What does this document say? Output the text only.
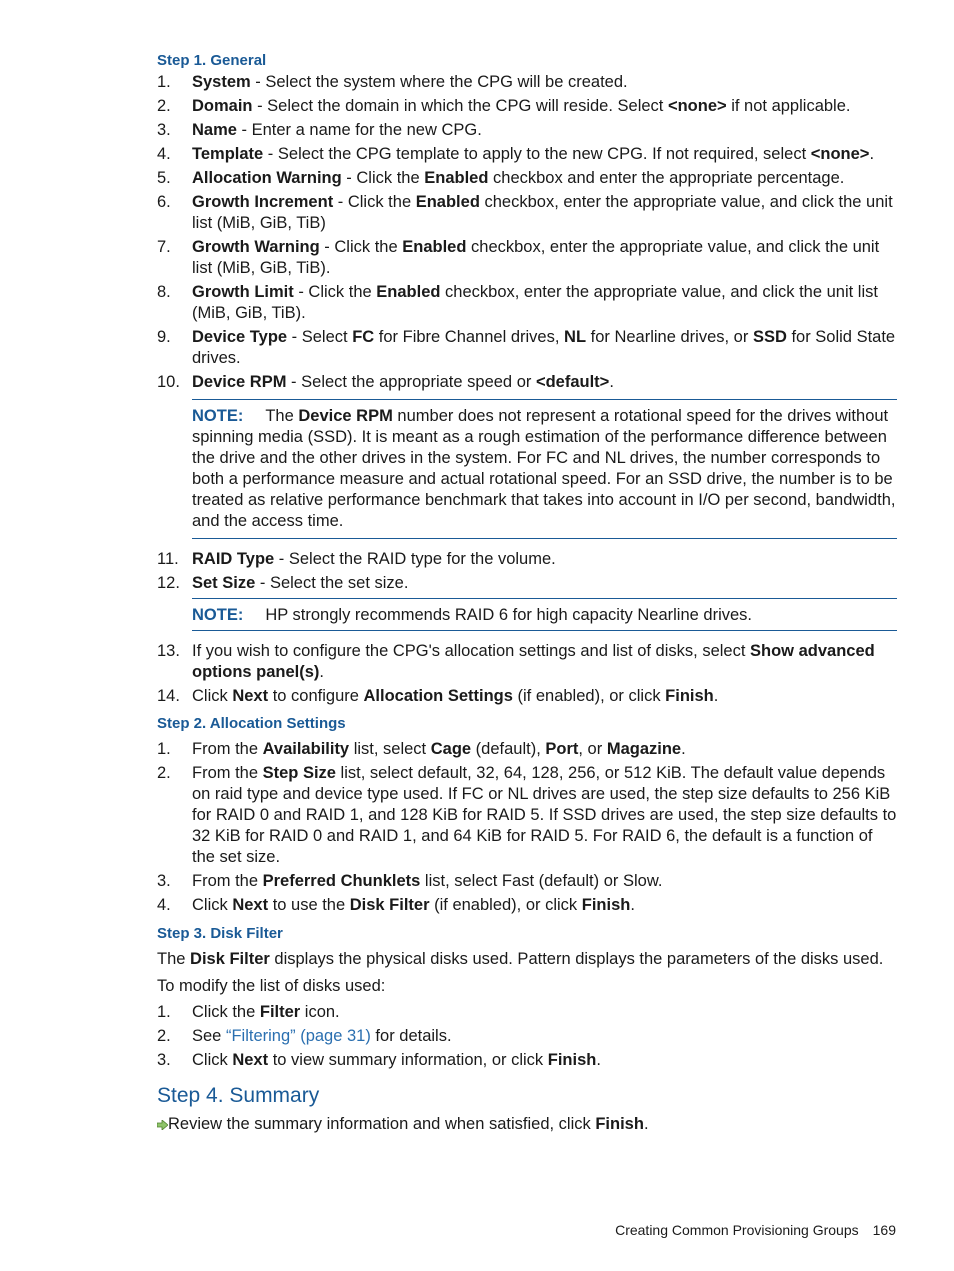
Step 1. General
1. System - Select the system where the CPG will be created.
2. Domain - Select the domain in which the CPG will reside. Select <none> if not applicable.
3. Name - Enter a name for the new CPG.
4. Template - Select the CPG template to apply to the new CPG. If not required, select <none>.
5. Allocation Warning - Click the Enabled checkbox and enter the appropriate percentage.
6. Growth Increment - Click the Enabled checkbox, enter the appropriate value, and click the unit list (MiB, GiB, TiB)
7. Growth Warning - Click the Enabled checkbox, enter the appropriate value, and click the unit list (MiB, GiB, TiB).
8. Growth Limit - Click the Enabled checkbox, enter the appropriate value, and click the unit list (MiB, GiB, TiB).
9. Device Type - Select FC for Fibre Channel drives, NL for Nearline drives, or SSD for Solid State drives.
10. Device RPM - Select the appropriate speed or <default>.
NOTE: The Device RPM number does not represent a rotational speed for the drives without spinning media (SSD). It is meant as a rough estimation of the performance difference between the drive and the other drives in the system. For FC and NL drives, the number corresponds to both a performance measure and actual rotational speed. For an SSD drive, the number is to be treated as relative performance benchmark that takes into account in I/O per second, bandwidth, and the access time.
11. RAID Type - Select the RAID type for the volume.
12. Set Size - Select the set size.
NOTE: HP strongly recommends RAID 6 for high capacity Nearline drives.
13. If you wish to configure the CPG's allocation settings and list of disks, select Show advanced options panel(s).
14. Click Next to configure Allocation Settings (if enabled), or click Finish.
Step 2. Allocation Settings
1. From the Availability list, select Cage (default), Port, or Magazine.
2. From the Step Size list, select default, 32, 64, 128, 256, or 512 KiB. The default value depends on raid type and device type used. If FC or NL drives are used, the step size defaults to 256 KiB for RAID 0 and RAID 1, and 128 KiB for RAID 5. If SSD drives are used, the step size defaults to 32 KiB for RAID 0 and RAID 1, and 64 KiB for RAID 5. For RAID 6, the default is a function of the set size.
3. From the Preferred Chunklets list, select Fast (default) or Slow.
4. Click Next to use the Disk Filter (if enabled), or click Finish.
Step 3. Disk Filter

The Disk Filter displays the physical disks used. Pattern displays the parameters of the disks used.

To modify the list of disks used:

1. Click the Filter icon.
2. See “Filtering” (page 31) for details.
3. Click Next to view summary information, or click Finish.
Step 4. Summary

Review the summary information and when satisfied, click Finish.

Creating Common Provisioning Groups 169
